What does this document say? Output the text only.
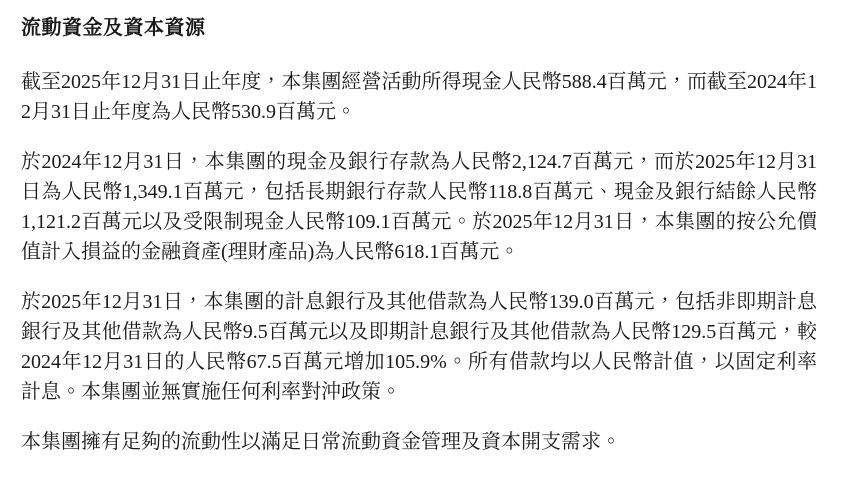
流動資金及資本資源

截至2025年12月31日止年度，本集團經營活動所得現金人民幣588.4百萬元，而截至2024年12月31日止年度為人民幣530.9百萬元。

於2024年12月31日，本集團的現金及銀行存款為人民幣2,124.7百萬元，而於2025年12月31日為人民幣1,349.1百萬元，包括長期銀行存款人民幣118.8百萬元、現金及銀行結餘人民幣1,121.2百萬元以及受限制現金人民幣109.1百萬元。於2025年12月31日，本集團的按公允價值計入損益的金融資產(理財產品)為人民幣618.1百萬元。

於2025年12月31日，本集團的計息銀行及其他借款為人民幣139.0百萬元，包括非即期計息銀行及其他借款為人民幣9.5百萬元以及即期計息銀行及其他借款為人民幣129.5百萬元，較2024年12月31日的人民幣67.5百萬元增加105.9%。所有借款均以人民幣計值，以固定利率計息。本集團並無實施任何利率對沖政策。

本集團擁有足夠的流動性以滿足日常流動資金管理及資本開支需求。
